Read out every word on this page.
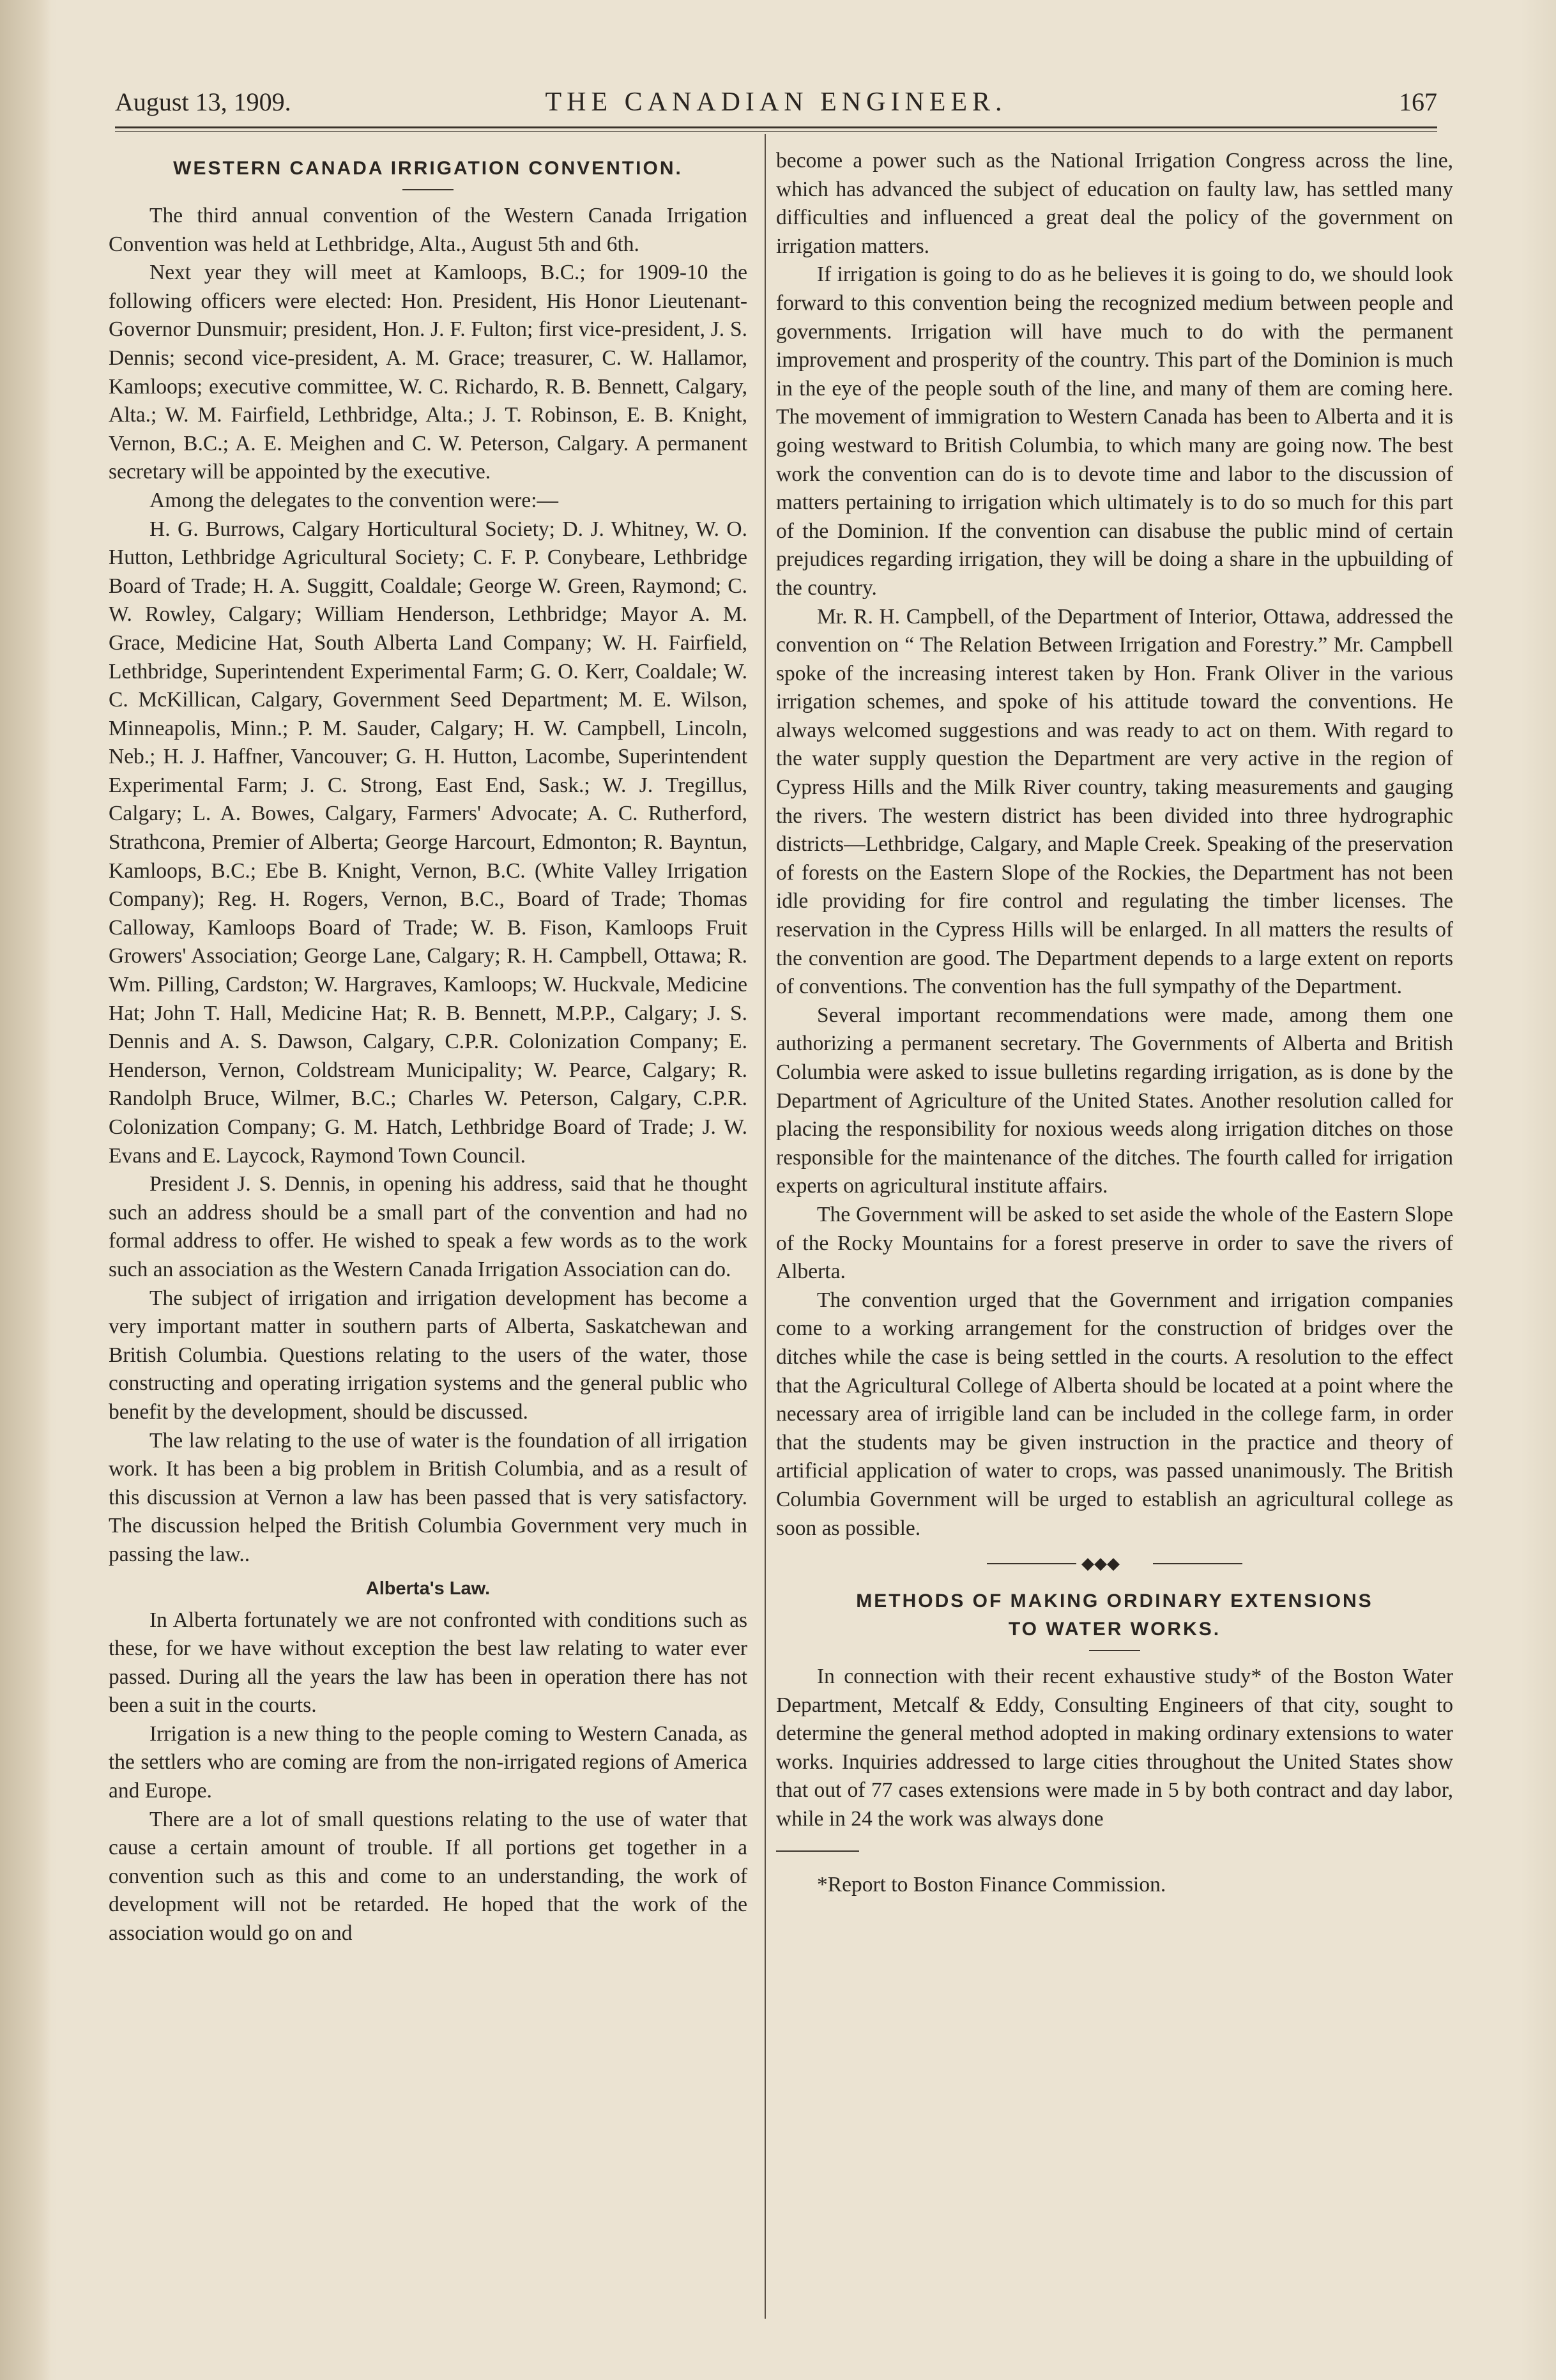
August 13, 1909.	THE CANADIAN ENGINEER.	167
WESTERN CANADA IRRIGATION CONVENTION.

The third annual convention of the Western Canada Irrigation Convention was held at Lethbridge, Alta., August 5th and 6th.

Next year they will meet at Kamloops, B.C.; for 1909-10 the following officers were elected: Hon. President, His Honor Lieutenant-Governor Dunsmuir; president, Hon. J. F. Fulton; first vice-president, J. S. Dennis; second vice-president, A. M. Grace; treasurer, C. W. Hallamor, Kamloops; executive committee, W. C. Richardo, R. B. Bennett, Calgary, Alta.; W. M. Fairfield, Lethbridge, Alta.; J. T. Robinson, E. B. Knight, Vernon, B.C.; A. E. Meighen and C. W. Peterson, Calgary. A permanent secretary will be appointed by the executive.

Among the delegates to the convention were:—

H. G. Burrows, Calgary Horticultural Society; D. J. Whitney, W. O. Hutton, Lethbridge Agricultural Society; C. F. P. Conybeare, Lethbridge Board of Trade; H. A. Suggitt, Coaldale; George W. Green, Raymond; C. W. Rowley, Calgary; William Henderson, Lethbridge; Mayor A. M. Grace, Medicine Hat, South Alberta Land Company; W. H. Fairfield, Lethbridge, Superintendent Experimental Farm; G. O. Kerr, Coaldale; W. C. McKillican, Calgary, Government Seed Department; M. E. Wilson, Minneapolis, Minn.; P. M. Sauder, Calgary; H. W. Campbell, Lincoln, Neb.; H. J. Haffner, Vancouver; G. H. Hutton, Lacombe, Superintendent Experimental Farm; J. C. Strong, East End, Sask.; W. J. Tregillus, Calgary; L. A. Bowes, Calgary, Farmers' Advocate; A. C. Rutherford, Strathcona, Premier of Alberta; George Harcourt, Edmonton; R. Bayntun, Kamloops, B.C.; Ebe B. Knight, Vernon, B.C. (White Valley Irrigation Company); Reg. H. Rogers, Vernon, B.C., Board of Trade; Thomas Calloway, Kamloops Board of Trade; W. B. Fison, Kamloops Fruit Growers' Association; George Lane, Calgary; R. H. Campbell, Ottawa; R. Wm. Pilling, Cardston; W. Hargraves, Kamloops; W. Huckvale, Medicine Hat; John T. Hall, Medicine Hat; R. B. Bennett, M.P.P., Calgary; J. S. Dennis and A. S. Dawson, Calgary, C.P.R. Colonization Company; E. Henderson, Vernon, Coldstream Municipality; W. Pearce, Calgary; R. Randolph Bruce, Wilmer, B.C.; Charles W. Peterson, Calgary, C.P.R. Colonization Company; G. M. Hatch, Lethbridge Board of Trade; J. W. Evans and E. Laycock, Raymond Town Council.

President J. S. Dennis, in opening his address, said that he thought such an address should be a small part of the convention and had no formal address to offer. He wished to speak a few words as to the work such an association as the Western Canada Irrigation Association can do.

The subject of irrigation and irrigation development has become a very important matter in southern parts of Alberta, Saskatchewan and British Columbia. Questions relating to the users of the water, those constructing and operating irrigation systems and the general public who benefit by the development, should be discussed.

The law relating to the use of water is the foundation of all irrigation work. It has been a big problem in British Columbia, and as a result of this discussion at Vernon a law has been passed that is very satisfactory. The discussion helped the British Columbia Government very much in passing the law..

Alberta's Law.

In Alberta fortunately we are not confronted with conditions such as these, for we have without exception the best law relating to water ever passed. During all the years the law has been in operation there has not been a suit in the courts.

Irrigation is a new thing to the people coming to Western Canada, as the settlers who are coming are from the non-irrigated regions of America and Europe.

There are a lot of small questions relating to the use of water that cause a certain amount of trouble. If all portions get together in a convention such as this and come to an understanding, the work of development will not be retarded. He hoped that the work of the association would go on and

become a power such as the National Irrigation Congress across the line, which has advanced the subject of education on faulty law, has settled many difficulties and influenced a great deal the policy of the government on irrigation matters.

If irrigation is going to do as he believes it is going to do, we should look forward to this convention being the recognized medium between people and governments. Irrigation will have much to do with the permanent improvement and prosperity of the country. This part of the Dominion is much in the eye of the people south of the line, and many of them are coming here. The movement of immigration to Western Canada has been to Alberta and it is going westward to British Columbia, to which many are going now. The best work the convention can do is to devote time and labor to the discussion of matters pertaining to irrigation which ultimately is to do so much for this part of the Dominion. If the convention can disabuse the public mind of certain prejudices regarding irrigation, they will be doing a share in the upbuilding of the country.

Mr. R. H. Campbell, of the Department of Interior, Ottawa, addressed the convention on “ The Relation Between Irrigation and Forestry.” Mr. Campbell spoke of the increasing interest taken by Hon. Frank Oliver in the various irrigation schemes, and spoke of his attitude toward the conventions. He always welcomed suggestions and was ready to act on them. With regard to the water supply question the Department are very active in the region of Cypress Hills and the Milk River country, taking measurements and gauging the rivers. The western district has been divided into three hydrographic districts—Lethbridge, Calgary, and Maple Creek. Speaking of the preservation of forests on the Eastern Slope of the Rockies, the Department has not been idle providing for fire control and regulating the timber licenses. The reservation in the Cypress Hills will be enlarged. In all matters the results of the convention are good. The Department depends to a large extent on reports of conventions. The convention has the full sympathy of the Department.

Several important recommendations were made, among them one authorizing a permanent secretary. The Governments of Alberta and British Columbia were asked to issue bulletins regarding irrigation, as is done by the Department of Agriculture of the United States. Another resolution called for placing the responsibility for noxious weeds along irrigation ditches on those responsible for the maintenance of the ditches. The fourth called for irrigation experts on agricultural institute affairs.

The Government will be asked to set aside the whole of the Eastern Slope of the Rocky Mountains for a forest preserve in order to save the rivers of Alberta.

The convention urged that the Government and irrigation companies come to a working arrangement for the construction of bridges over the ditches while the case is being settled in the courts. A resolution to the effect that the Agricultural College of Alberta should be located at a point where the necessary area of irrigible land can be included in the college farm, in order that the students may be given instruction in the practice and theory of artificial application of water to crops, was passed unanimously. The British Columbia Government will be urged to establish an agricultural college as soon as possible.

◆◆◆
METHODS OF MAKING ORDINARY EXTENSIONS
TO WATER WORKS.

In connection with their recent exhaustive study* of the Boston Water Department, Metcalf & Eddy, Consulting Engineers of that city, sought to determine the general method adopted in making ordinary extensions to water works. Inquiries addressed to large cities throughout the United States show that out of 77 cases extensions were made in 5 by both contract and day labor, while in 24 the work was always done

*Report to Boston Finance Commission.
